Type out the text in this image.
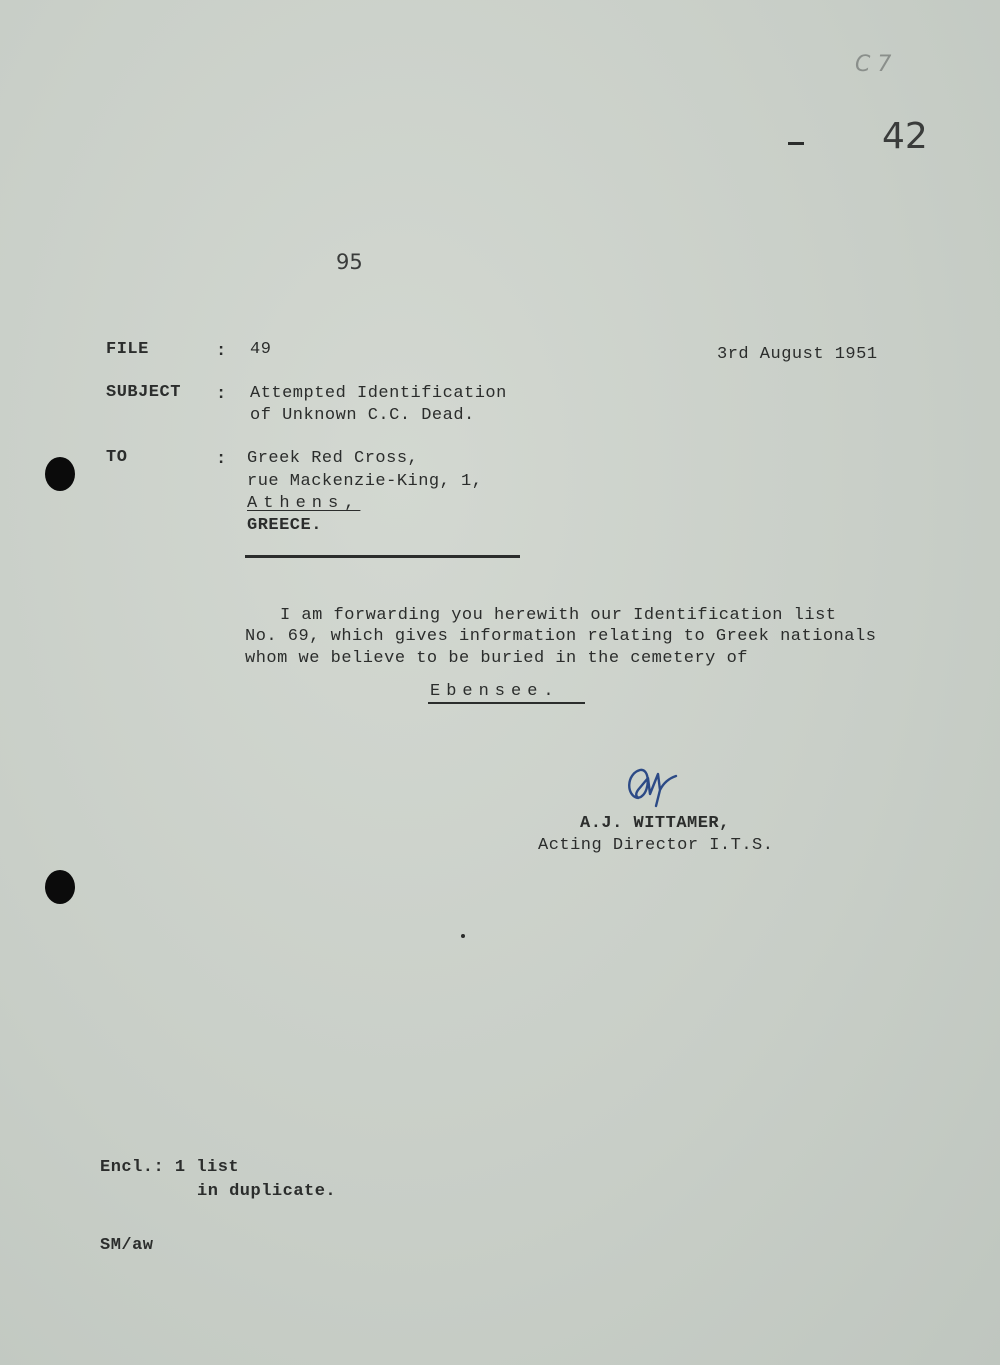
C 7
42
95
3rd August 1951
FILE	: 49
SUBJECT : Attempted Identification
of Unknown C.C. Dead.
TO	: Greek Red Cross,
rue Mackenzie-King, 1,
Athens,
GREECE.
I am forwarding you herewith our Identification list
No. 69, which gives information relating to Greek nationals
whom we believe to be buried in the cemetery of
Ebensee.
A.J. WITTAMER,
Acting Director I.T.S.
Encl.: 1 list
in duplicate.
SM/aw
